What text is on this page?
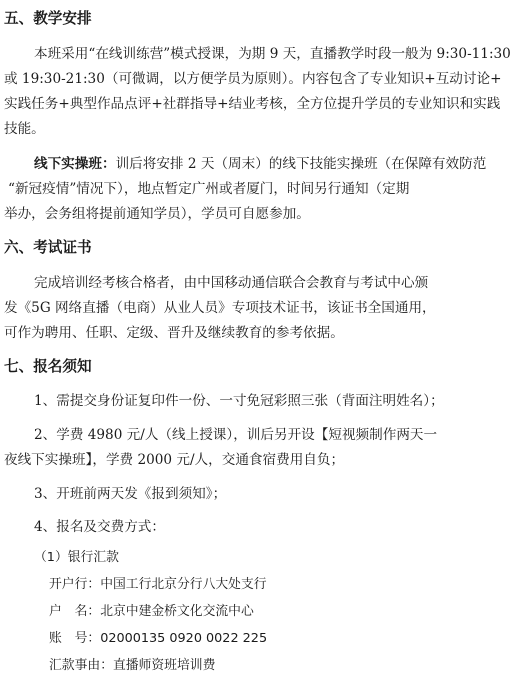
五、教学安排
本班采用“在线训练营”模式授课，为期 9 天，直播教学时段一般为 9:30-11:30
或 19:30-21:30（可微调，以方便学员为原则）。内容包含了专业知识+互动讨论+
实践任务+典型作品点评+社群指导+结业考核，全方位提升学员的专业知识和实践
技能。
线下实操班：训后将安排 2 天（周末）的线下技能实操班（在保障有效防范
“新冠疫情”情况下），地点暂定广州或者厦门，时间另行通知（定期
举办，会务组将提前通知学员），学员可自愿参加。
六、考试证书
完成培训经考核合格者，由中国移动通信联合会教育与考试中心颁
发《5G 网络直播（电商）从业人员》专项技术证书，该证书全国通用，
可作为聘用、任职、定级、晋升及继续教育的参考依据。
七、报名须知
1、需提交身份证复印件一份、一寸免冠彩照三张（背面注明姓名）；
2、学费 4980 元/人（线上授课），训后另开设【短视频制作两天一
夜线下实操班】，学费 2000 元/人，交通食宿费用自负；
3、开班前两天发《报到须知》；
4、报名及交费方式：
（1）银行汇款
开户行：中国工行北京分行八大处支行
户　名：北京中建金桥文化交流中心
账　号：02000135 0920 0022 225
汇款事由：直播师资班培训费
